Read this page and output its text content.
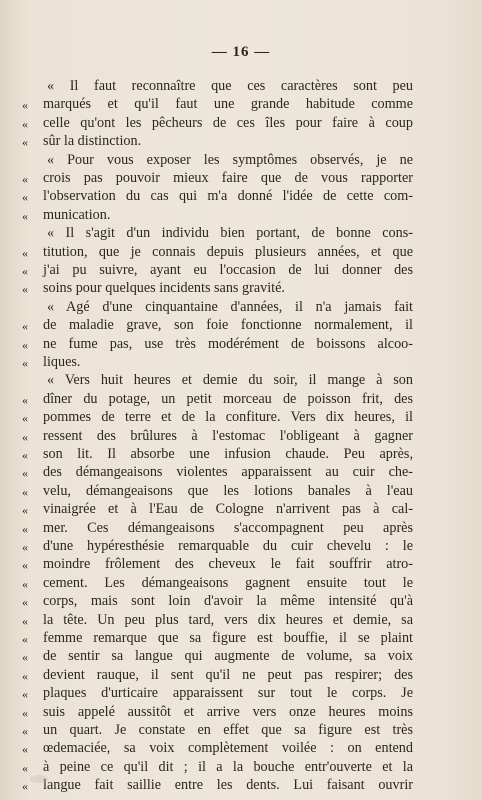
— 16 —
« Il faut reconnaître que ces caractères sont peu
«	marqués et qu'il faut une grande habitude comme
«	celle qu'ont les pêcheurs de ces îles pour faire à coup
«	sûr la distinction.
« Pour vous exposer les symptômes observés, je ne
«	crois pas pouvoir mieux faire que de vous rapporter
«	l'observation du cas qui m'a donné l'idée de cette com-
«	munication.
« Il s'agit d'un individu bien portant, de bonne cons-
«	titution, que je connais depuis plusieurs années, et que
«	j'ai pu suivre, ayant eu l'occasion de lui donner des
«	soins pour quelques incidents sans gravité.
« Agé d'une cinquantaine d'années, il n'a jamais fait
«	de maladie grave, son foie fonctionne normalement, il
«	ne fume pas, use très modérément de boissons alcoo-
«	liques.
« Vers huit heures et demie du soir, il mange à son
«	dîner du potage, un petit morceau de poisson frit, des
«	pommes de terre et de la confiture. Vers dix heures, il
«	ressent des brûlures à l'estomac l'obligeant à gagner
«	son lit. Il absorbe une infusion chaude. Peu après,
«	des démangeaisons violentes apparaissent au cuir che-
«	velu, démangeaisons que les lotions banales à l'eau
«	vinaigrée et à l'Eau de Cologne n'arrivent pas à cal-
«	mer. Ces démangeaisons s'accompagnent peu après
«	d'une hypéresthésie remarquable du cuir chevelu : le
«	moindre frôlement des cheveux le fait souffrir atro-
«	cement. Les démangeaisons gagnent ensuite tout le
«	corps, mais sont loin d'avoir la même intensité qu'à
«	la tête. Un peu plus tard, vers dix heures et demie, sa
«	femme remarque que sa figure est bouffie, il se plaint
«	de sentir sa langue qui augmente de volume, sa voix
«	devient rauque, il sent qu'il ne peut pas respirer; des
«	plaques d'urticaire apparaissent sur tout le corps. Je
«	suis appelé aussitôt et arrive vers onze heures moins
«	un quart. Je constate en effet que sa figure est très
«	œdemaciée, sa voix complètement voilée : on entend
«	à peine ce qu'il dit ; il a la bouche entr'ouverte et la
«	langue fait saillie entre les dents. Lui faisant ouvrir
